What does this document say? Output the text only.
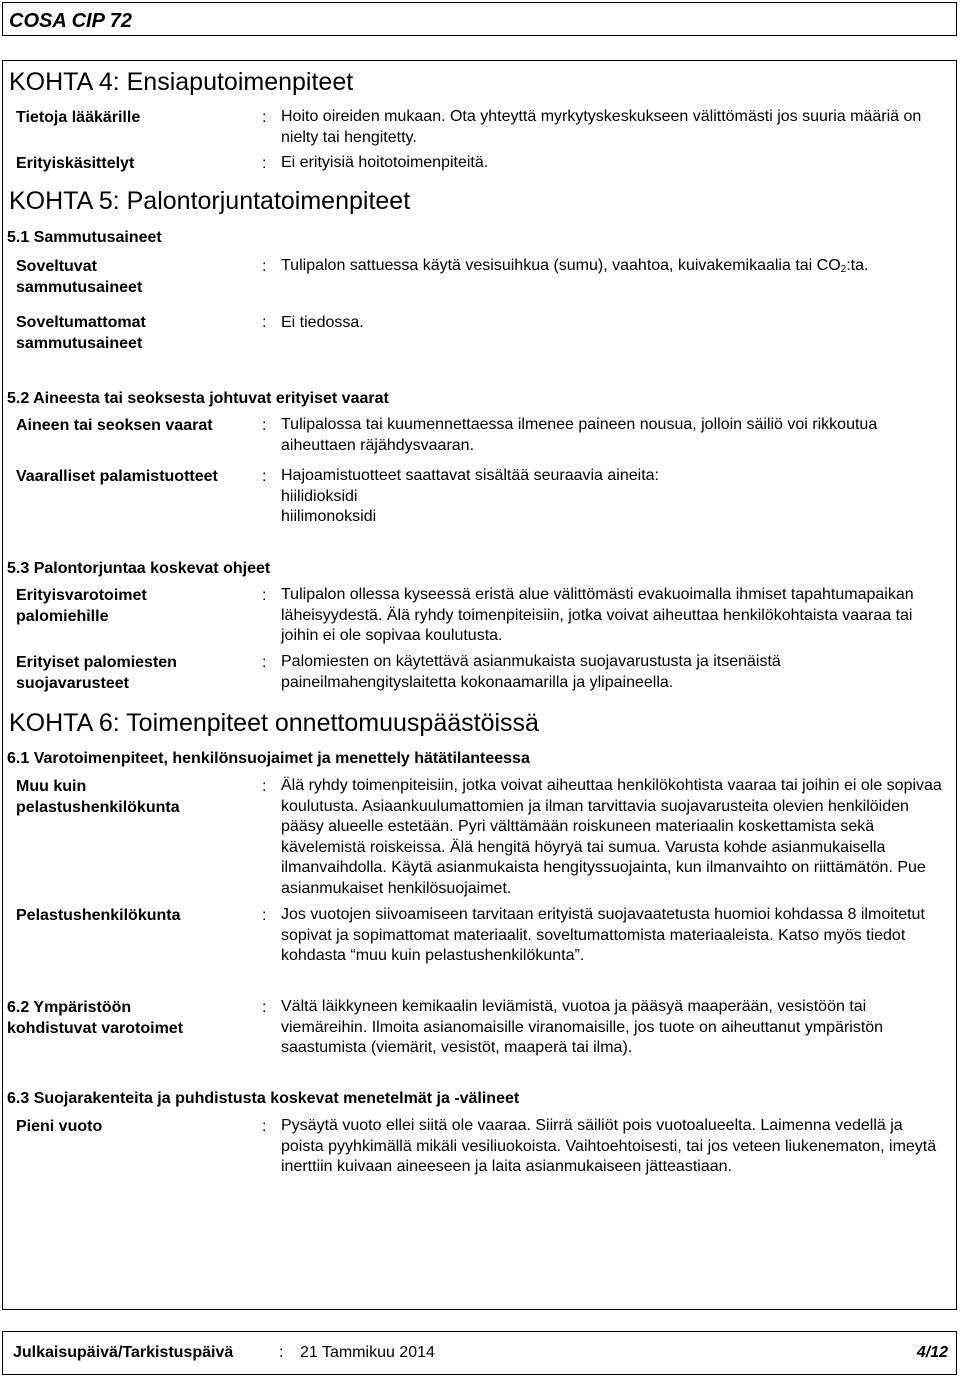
COSA CIP 72
KOHTA 4: Ensiaputoimenpiteet
Tietoja lääkärille	: Hoito oireiden mukaan. Ota yhteyttä myrkytyskeskukseen välittömästi jos suuria määriä on nielty tai hengitetty.
Erityiskäsittelyt	: Ei erityisiä hoitotoimenpiteitä.
KOHTA 5: Palontorjuntatoimenpiteet
5.1 Sammutusaineet
Soveltuvat sammutusaineet
: Tulipalon sattuessa käytä vesisuihkua (sumu), vaahtoa, kuivakemikaalia tai $CO_2:ta$.
Soveltumattomat sammutusaineet
: Ei tiedossa.
5.2 Aineesta tai seoksesta johtuvat erityiset vaarat
Aineen tai seoksen vaarat	: Tulipalossa tai kuumennettaessa ilmenee paineen nousua, jolloin säiliö voi rikkoutua aiheuttaen räjähdysvaaran.
Vaaralliset palamistuotteet	: Hajoamistuotteet saattavat sisältää seuraavia aineita:
hiilidioksidi
hiilimonoksidi
5.3 Palontorjuntaa koskevat ohjeet
Erityisvarotoimet palomiehille
: Tulipalon ollessa kyseessä eristä alue välittömästi evakuoimalla ihmiset tapahtumapaikan läheisyydestä. Älä ryhdy toimenpiteisiin, jotka voivat aiheuttaa henkilökohtaista vaaraa tai joihin ei ole sopivaa koulutusta.
Erityiset palomiesten suojavarusteet
: Palomiesten on käytettävä asianmukaista suojavarustusta ja itsenäistä paineilmahengityslaitetta kokonaamarilla ja ylipaineella.
KOHTA 6: Toimenpiteet onnettomuuspäästöissä
6.1 Varotoimenpiteet, henkilönsuojaimet ja menettely hätätilanteessa
Muu kuin pelastushenkilökunta
: Älä ryhdy toimenpiteisiin, jotka voivat aiheuttaa henkilökohtista vaaraa tai joihin ei ole sopivaa koulutusta. Asiaankuulumattomien ja ilman tarvittavia suojavarusteita olevien henkilöiden pääsy alueelle estetään. Pyri välttämään roiskuneen materiaalin koskettamista sekä kävelemistä roiskeissa. Älä hengitä höyryä tai sumua. Varusta kohde asianmukaisella ilmanvaihdolla. Käytä asianmukaista hengityssuojainta, kun ilmanvaihto on riittämätön. Pue asianmukaiset henkilösuojaimet.
Pelastushenkilökunta	: Jos vuotojen siivoamiseen tarvitaan erityistä suojavaatetusta huomioi kohdassa 8 ilmoitetut sopivat ja sopimattomat materiaalit. soveltumattomista materiaaleista. Katso myös tiedot kohdasta “muu kuin pelastushenkilökunta”.
6.2 Ympäristöön kohdistuvat varotoimet
: Vältä läikkyneen kemikaalin leviämistä, vuotoa ja pääsyä maaperään, vesistöön tai viemäreihin. Ilmoita asianomaisille viranomaisille, jos tuote on aiheuttanut ympäristön saastumista (viemärit, vesistöt, maaperä tai ilma).
6.3 Suojarakenteita ja puhdistusta koskevat menetelmät ja -välineet
Pieni vuoto	: Pysäytä vuoto ellei siitä ole vaaraa. Siirrä säiliöt pois vuotoalueelta. Laimenna vedellä ja poista pyyhkimällä mikäli vesiliuokoista. Vaihtoehtoisesti, tai jos veteen liukenematon, imeytä inerttiin kuivaan aineeseen ja laita asianmukaiseen jätteastiaan.
Julkaisupäivä/Tarkistuspäivä	: 21 Tammikuu 2014	4/12
